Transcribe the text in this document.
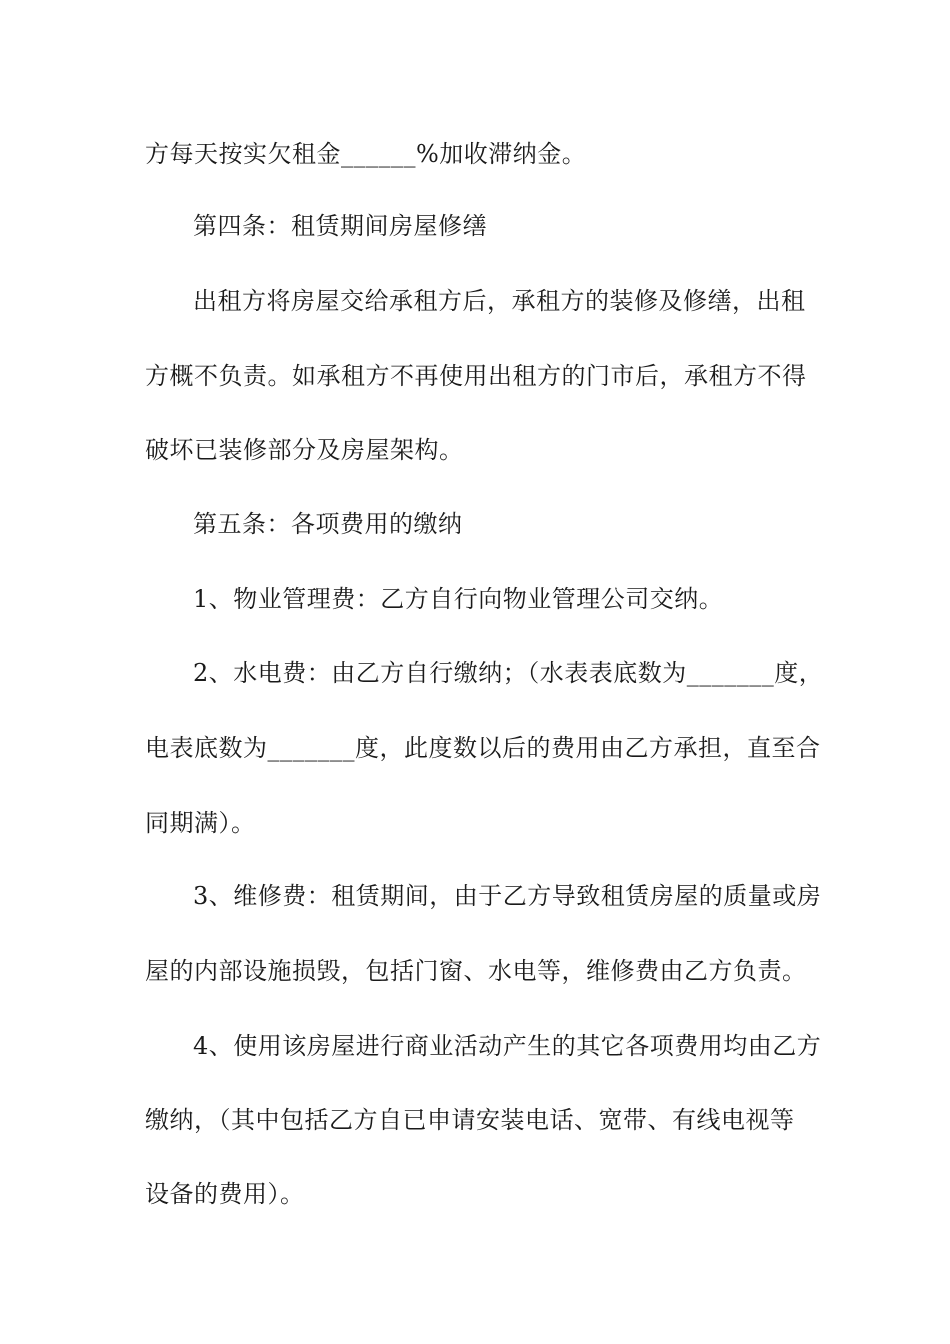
方每天按实欠租金______%加收滞纳金。
第四条：租赁期间房屋修缮
出租方将房屋交给承租方后，承租方的装修及修缮，出租
方概不负责。如承租方不再使用出租方的门市后，承租方不得
破坏已装修部分及房屋架构。
第五条：各项费用的缴纳
1、物业管理费：乙方自行向物业管理公司交纳。
2、水电费：由乙方自行缴纳；（水表表底数为_______度，
电表底数为_______度，此度数以后的费用由乙方承担，直至合
同期满）。
3、维修费：租赁期间，由于乙方导致租赁房屋的质量或房
屋的内部设施损毁，包括门窗、水电等，维修费由乙方负责。
4、使用该房屋进行商业活动产生的其它各项费用均由乙方
缴纳，（其中包括乙方自已申请安装电话、宽带、有线电视等
设备的费用）。
